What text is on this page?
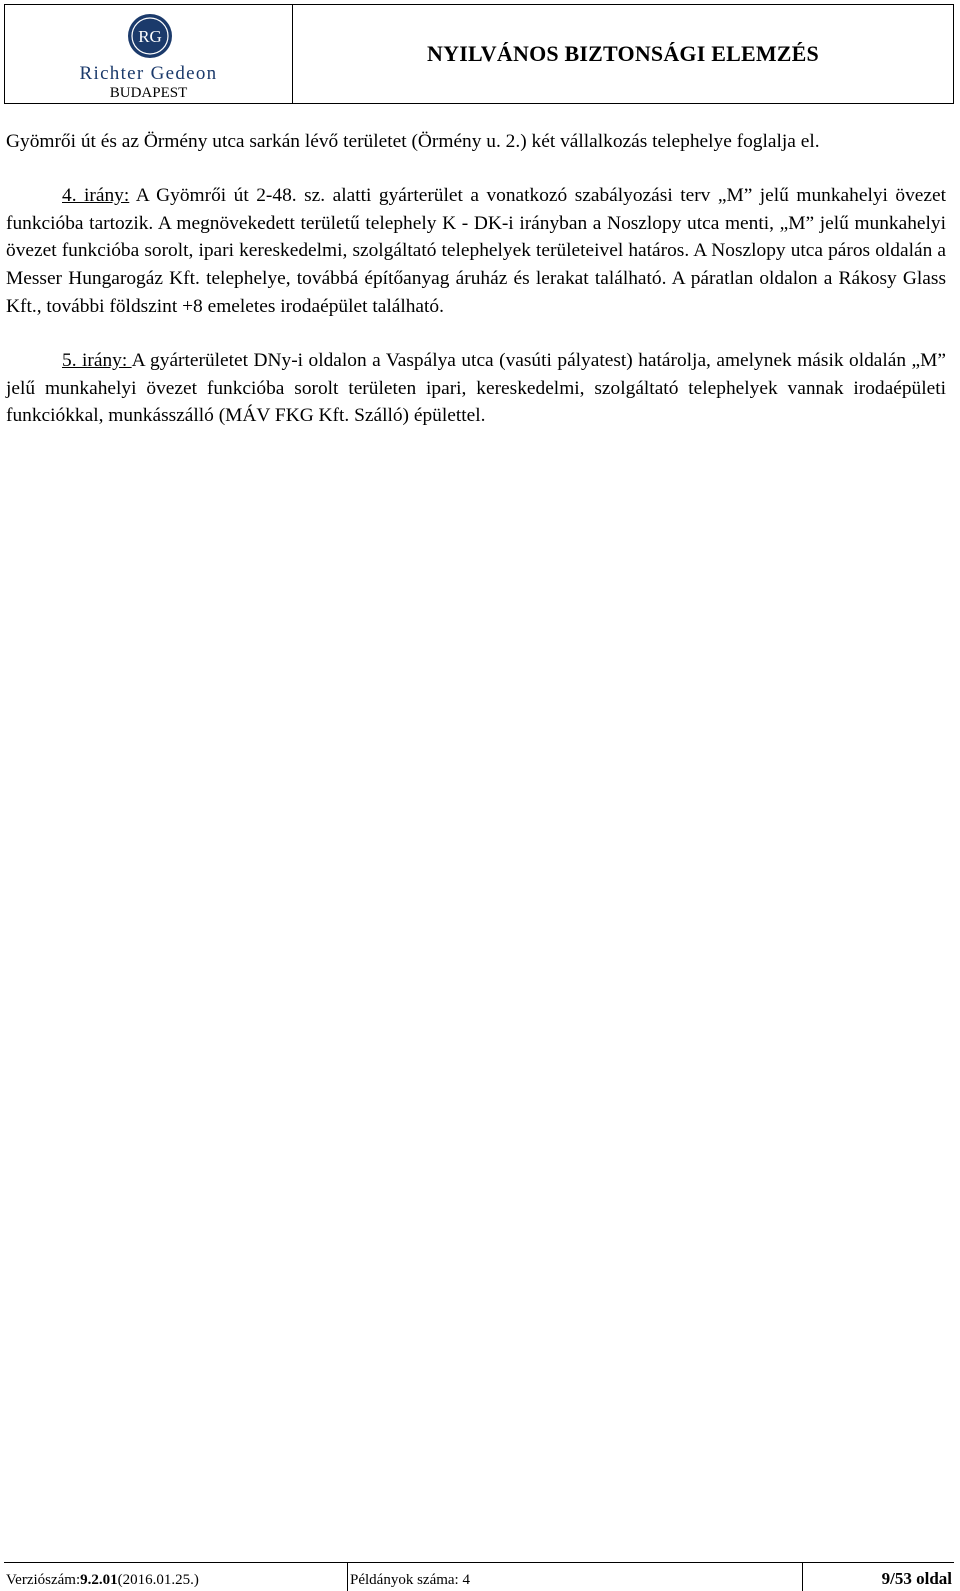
RG
Richter Gedeon
BUDAPEST
NYILVÁNOS BIZTONSÁGI ELEMZÉS

Gyömrői út és az Örmény utca sarkán lévő területet (Örmény u. 2.) két vállalkozás telephelye foglalja el.

4. irány: A Gyömrői út 2-48. sz. alatti gyárterület a vonatkozó szabályozási terv „M” jelű munkahelyi övezet funkcióba tartozik. A megnövekedett területű telephely K - DK-i irányban a Noszlopy utca menti, „M” jelű munkahelyi övezet funkcióba sorolt, ipari kereskedelmi, szolgáltató telephelyek területeivel határos. A Noszlopy utca páros oldalán a Messer Hungarogáz Kft. telephelye, továbbá építőanyag áruház és lerakat található. A páratlan oldalon a Rákosy Glass Kft., további földszint +8 emeletes irodaépület található.

5. irány: A gyárterületet DNy-i oldalon a Vaspálya utca (vasúti pályatest) határolja, amelynek másik oldalán „M” jelű munkahelyi övezet funkcióba sorolt területen ipari, kereskedelmi, szolgáltató telephelyek vannak irodaépületi funkciókkal, munkásszálló (MÁV FKG Kft. Szálló) épülettel.

Verziószám: 9.2.01 (2016.01.25.)	Példányok száma: 4	9/53 oldal
